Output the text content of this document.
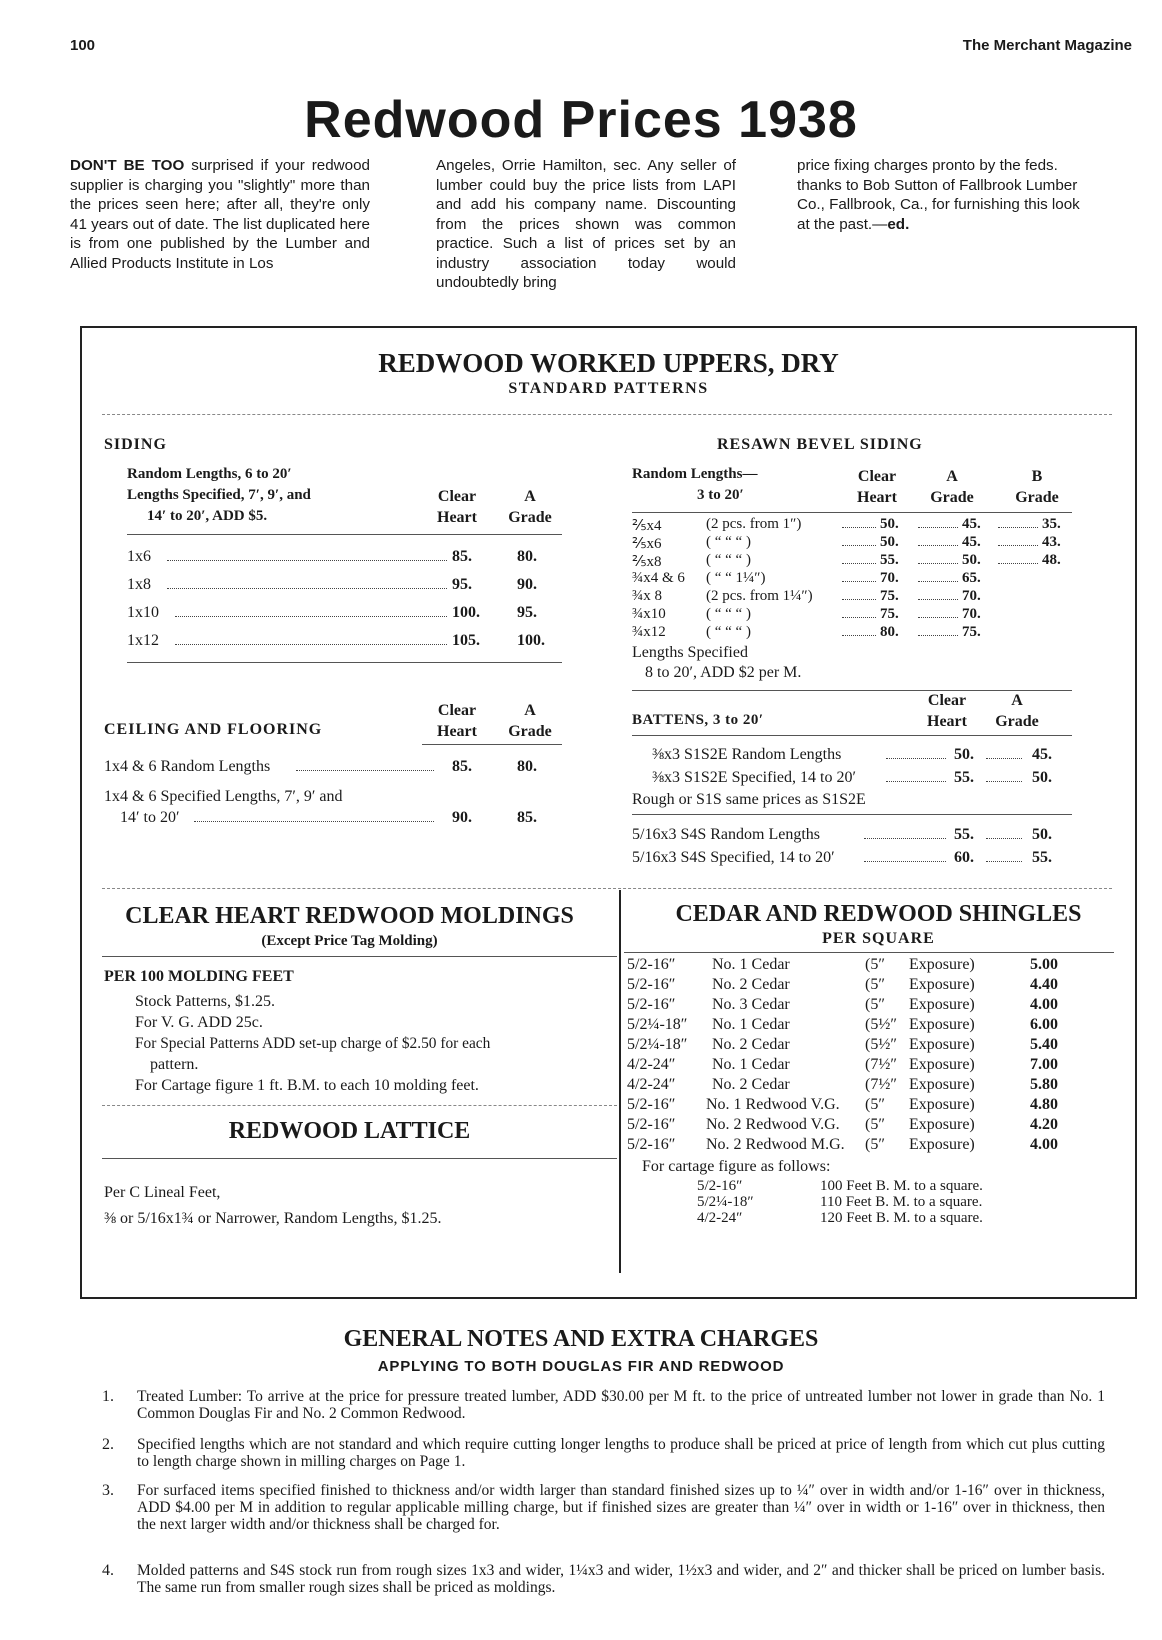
100	The Merchant Magazine
Redwood Prices 1938
DON'T BE TOO surprised if your redwood supplier is charging you "slightly" more than the prices seen here; after all, they're only 41 years out of date. The list duplicated here is from one published by the Lumber and Allied Products Institute in Los
Angeles, Orrie Hamilton, sec. Any seller of lumber could buy the price lists from LAPI and add his company name. Discounting from the prices shown was common practice. Such a list of prices set by an industry association today would undoubtedly bring
price fixing charges pronto by the feds. thanks to Bob Sutton of Fallbrook Lumber Co., Fallbrook, Ca., for furnishing this look at the past.—ed.
REDWOOD WORKED UPPERS, DRY
STANDARD PATTERNS
SIDING
Random Lengths, 6 to 20′
Lengths Specified, 7′, 9′, and
14′ to 20′, ADD $5.
Clear
Heart
A
Grade
1x6	85.	80.
1x8	95.	90.
1x10	100. 95.
1x12	105. 100.
RESAWN BEVEL SIDING
Random Lengths—
3 to 20′
Clear
Heart
A
Grade
B
Grade
⅖x4	(2 pcs. from 1″)	50.	45.	35.
⅖x6	( “ “ “ )	50.	45.	43.
⅖x8	( “ “ “ )	55.	50.	48.
¾x4 & 6 ( “ “ 1¼″)	70.	65.
¾x 8	(2 pcs. from 1¼″)	75.	70.
¾x10	( “ “ “ )	75.	70.
¾x12	( “ “ “ )	80.	75.
Lengths Specified
8 to 20′, ADD $2 per M.
Clear
Heart
A
Grade
CEILING AND FLOORING
1x4 & 6 Random Lengths	85.	80.
1x4 & 6 Specified Lengths, 7′, 9′ and
14′ to 20′	90.	85.
Clear
Heart
A
Grade
BATTENS, 3 to 20′
⅜x3 S1S2E Random Lengths	50.	45.
⅜x3 S1S2E Specified, 14 to 20′	55.	50.
Rough or S1S same prices as S1S2E
5/16x3 S4S Random Lengths	55.	50.
5/16x3 S4S Specified, 14 to 20′	60.	55.
CLEAR HEART REDWOOD MOLDINGS
(Except Price Tag Molding)
PER 100 MOLDING FEET
Stock Patterns, $1.25.
For V. G. ADD 25c.
For Special Patterns ADD set-up charge of $2.50 for each
pattern.
For Cartage figure 1 ft. B.M. to each 10 molding feet.
REDWOOD LATTICE
Per C Lineal Feet,
⅜ or 5/16x1¾ or Narrower, Random Lengths, $1.25.
CEDAR AND REDWOOD SHINGLES
PER SQUARE
5/2-16″ No. 1 Cedar	(5″ Exposure)	5.00
5/2-16″ No. 2 Cedar	(5″ Exposure)	4.40
5/2-16″ No. 3 Cedar	(5″ Exposure)	4.00
5/2¼-18″ No. 1 Cedar	(5½″ Exposure)	6.00
5/2¼-18″ No. 2 Cedar	(5½″ Exposure)	5.40
4/2-24″ No. 1 Cedar	(7½″ Exposure)	7.00
4/2-24″ No. 2 Cedar	(7½″ Exposure)	5.80
5/2-16″ No. 1 Redwood V.G. (5″ Exposure)	4.80
5/2-16″ No. 2 Redwood V.G. (5″ Exposure)	4.20
5/2-16″ No. 2 Redwood M.G. (5″ Exposure)	4.00
For cartage figure as follows:
5/2-16″	100 Feet B. M. to a square.
5/2¼-18″	110 Feet B. M. to a square.
4/2-24″	120 Feet B. M. to a square.
GENERAL NOTES AND EXTRA CHARGES
APPLYING TO BOTH DOUGLAS FIR AND REDWOOD
1. Treated Lumber: To arrive at the price for pressure treated lumber, ADD $30.00 per M ft. to the price of untreated lumber not lower in grade than No. 1 Common Douglas Fir and No. 2 Common Redwood.
2. Specified lengths which are not standard and which require cutting longer lengths to produce shall be priced at price of length from which cut plus cutting to length charge shown in milling charges on Page 1.
3. For surfaced items specified finished to thickness and/or width larger than standard finished sizes up to ¼″ over in width and/or 1-16″ over in thickness, ADD $4.00 per M in addition to regular applicable milling charge, but if finished sizes are greater than ¼″ over in width or 1-16″ over in thickness, then the next larger width and/or thickness shall be charged for.
4. Molded patterns and S4S stock run from rough sizes 1x3 and wider, 1¼x3 and wider, 1½x3 and wider, and 2″ and thicker shall be priced on lumber basis. The same run from smaller rough sizes shall be priced as moldings.
